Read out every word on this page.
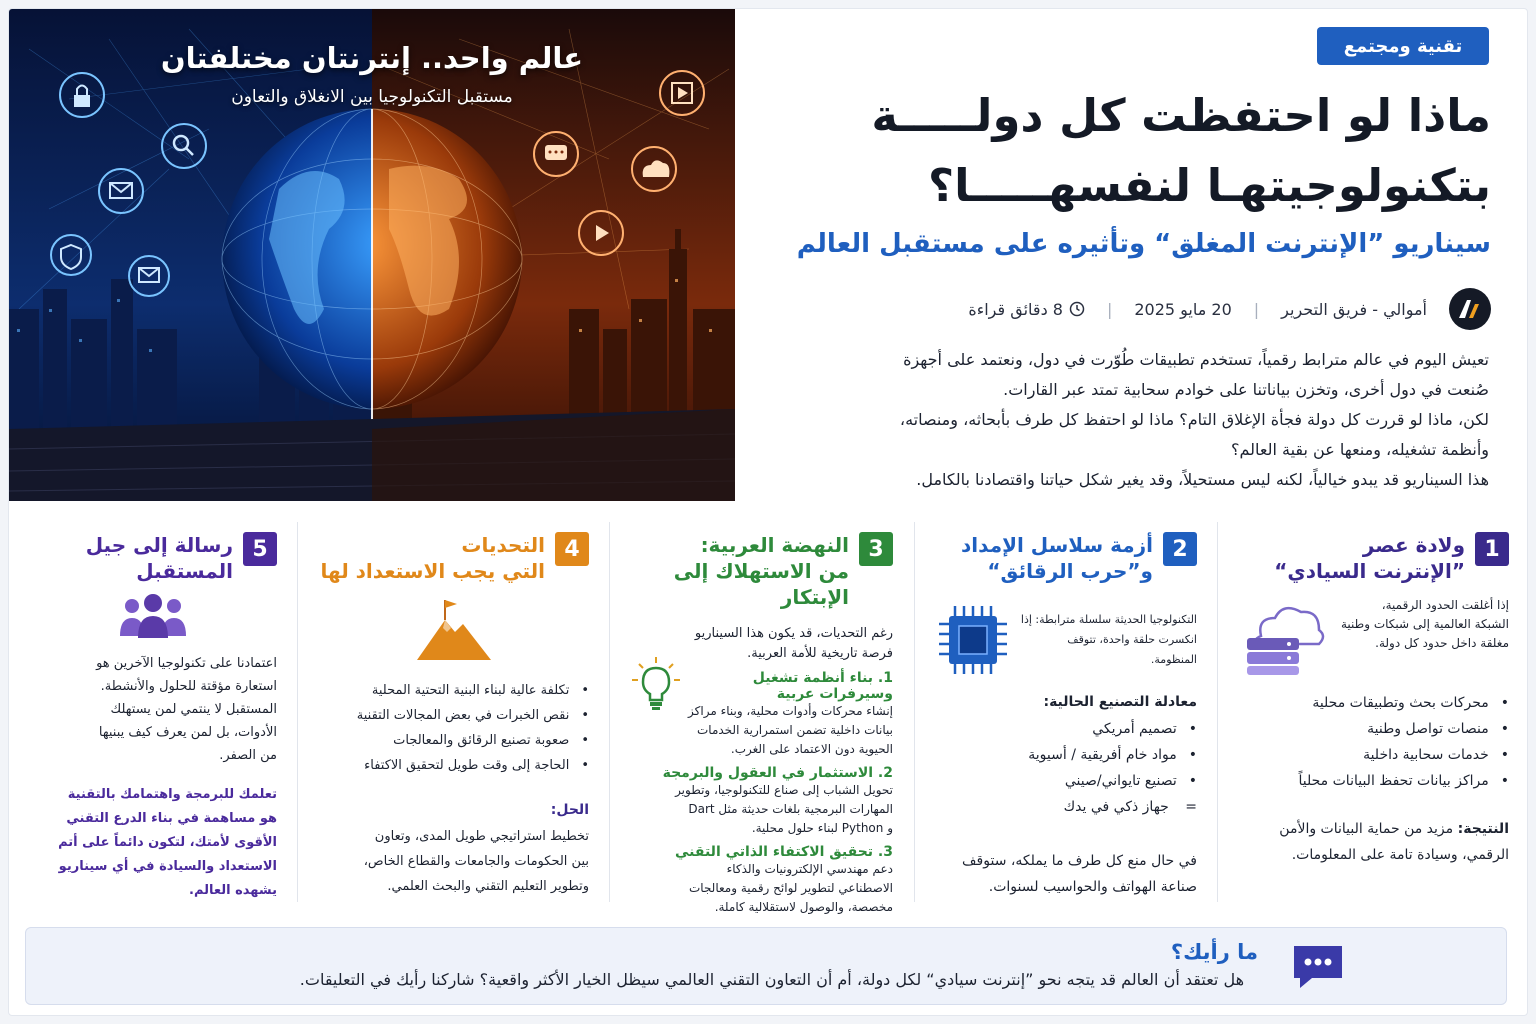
عالم واحد.. إنترنتان مختلفتان
مستقبل التكنولوجيا بين الانغلاق والتعاون
تقنية ومجتمع
ماذا لو احتفظت كل دولـــــة
بتكنولوجيتهـا لنفسهـــــا؟
سيناريو ”الإنترنت المغلق“ وتأثيره على مستقبل العالم
أموالي - فريق التحرير
|
20 مايو 2025
|
8 دقائق قراءة

تعيش اليوم في عالم مترابط رقمياً، تستخدم تطبيقات طُوّرت في دول، ونعتمد على أجهزة

صُنعت في دول أخرى، وتخزن بياناتنا على خوادم سحابية تمتد عبر القارات.

لكن، ماذا لو قررت كل دولة فجأة الإغلاق التام؟ ماذا لو احتفظ كل طرف بأبحاثه، ومنصاته،

وأنظمة تشغيله، ومنعها عن بقية العالم؟

هذا السيناريو قد يبدو خيالياً، لكنه ليس مستحيلاً، وقد يغير شكل حياتنا واقتصادنا بالكامل.

1
ولادة عصر
”الإنترنت السيادي“
إذا أغلقت الحدود الرقمية،
الشبكة العالمية إلى شبكات وطنية
مغلقة داخل حدود كل دولة.
• محركات بحث وتطبيقات محلية
• منصات تواصل وطنية
• خدمات سحابية داخلية
• مراكز بيانات تحفظ البيانات محلياً
النتيجة: مزيد من حماية البيانات والأمن
الرقمي، وسيادة تامة على المعلومات.
2
أزمة سلاسل الإمداد
و”حرب الرقائق“
التكنولوجيا الحديثة سلسلة مترابطة: إذا
انكسرت حلقة واحدة، تتوقف المنظومة.
معادلة التصنيع الحالية:
• تصميم أمريكي
• مواد خام أفريقية / أسيوية
• تصنيع تايواني/صيني
= جهاز ذكي في يدك
في حال منع كل طرف ما يملكه، ستوقف
صناعة الهواتف والحواسيب لسنوات.
3
النهضة العربية:
من الاستهلاك إلى الإبتكار
رغم التحديات، قد يكون هذا السيناريو
فرصة تاريخية للأمة العربية.
1. بناء أنظمة تشغيل وسيرفرات عربية
إنشاء محركات وأدوات محلية، وبناء مراكز
بيانات داخلية تضمن استمرارية الخدمات
الحيوية دون الاعتماد على الغرب.
2. الاستثمار في العقول والبرمجة
تحويل الشباب إلى صناع للتكنولوجيا، وتطوير
المهارات البرمجية بلغات حديثة مثل Dart
و Python لبناء حلول محلية.
3. تحقيق الاكتفاء الذاتي التقني
دعم مهندسي الإلكترونيات والذكاء
الاصطناعي لتطوير لوائح رقمية ومعالجات
مخصصة، والوصول لاستقلالية كاملة.
4
التحديات
التي يجب الاستعداد لها
• تكلفة عالية لبناء البنية التحتية المحلية
• نقص الخبرات في بعض المجالات التقنية
• صعوبة تصنيع الرقائق والمعالجات
• الحاجة إلى وقت طويل لتحقيق الاكتفاء
الحل:
تخطيط استراتيجي طويل المدى، وتعاون
بين الحكومات والجامعات والقطاع الخاص،
وتطوير التعليم التقني والبحث العلمي.
5
رسالة إلى جيل
المستقبل
اعتمادنا على تكنولوجيا الآخرين هو
استعارة مؤقتة للحلول والأنشطة.
المستقبل لا ينتمي لمن يستهلك
الأدوات، بل لمن يعرف كيف يبنيها
من الصفر.
تعلمك للبرمجة واهتمامك بالتقنية
هو مساهمة في بناء الدرع التقني
الأقوى لأمتك، لتكون دائماً على أتم
الاستعداد والسيادة في أي سيناريو
يشهده العالم.
ما رأيك؟
هل تعتقد أن العالم قد يتجه نحو ”إنترنت سيادي“ لكل دولة، أم أن التعاون التقني العالمي سيظل الخيار الأكثر واقعية؟ شاركنا رأيك في التعليقات.
